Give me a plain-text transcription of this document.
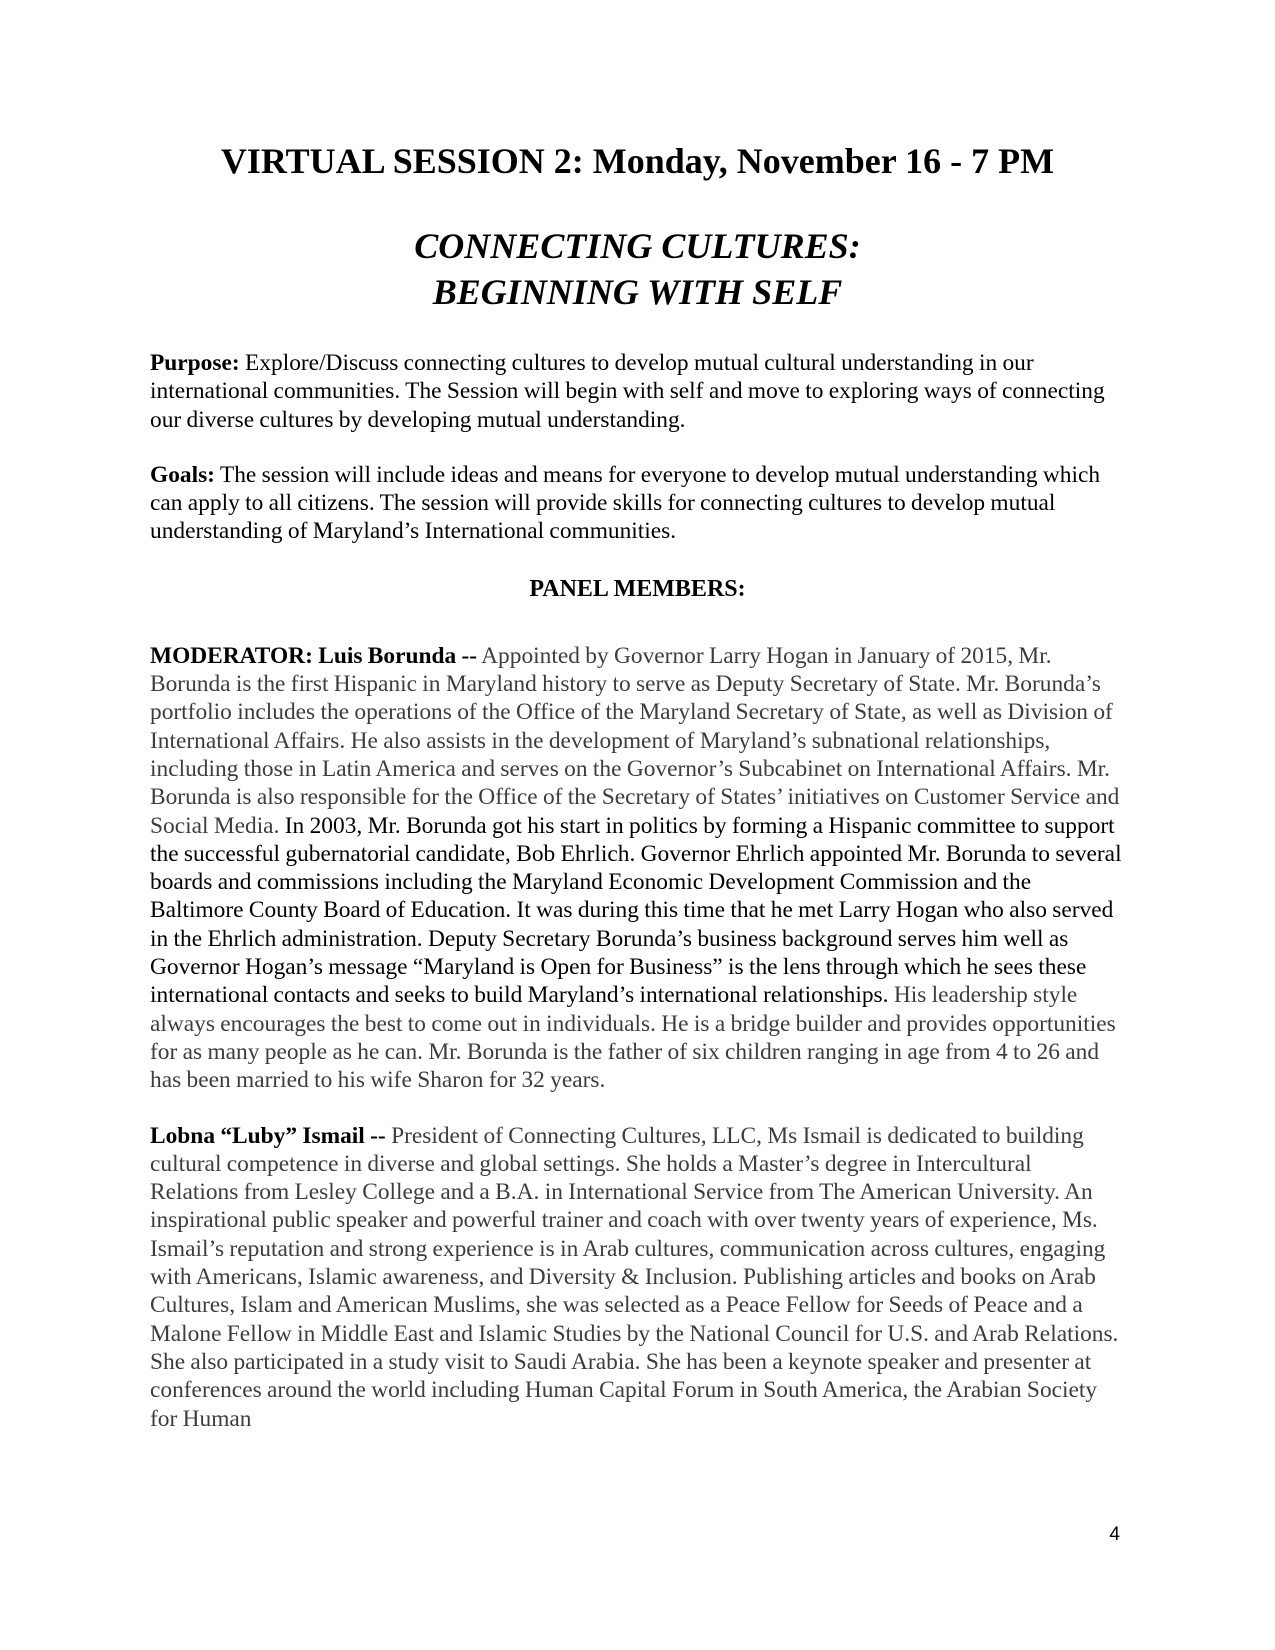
VIRTUAL SESSION 2: Monday, November 16 - 7 PM
CONNECTING CULTURES:
BEGINNING WITH SELF

Purpose: Explore/Discuss connecting cultures to develop mutual cultural understanding in our international communities. The Session will begin with self and move to exploring ways of connecting our diverse cultures by developing mutual understanding.

Goals: The session will include ideas and means for everyone to develop mutual understanding which can apply to all citizens. The session will provide skills for connecting cultures to develop mutual understanding of Maryland’s International communities.

PANEL MEMBERS:

MODERATOR: Luis Borunda -- Appointed by Governor Larry Hogan in January of 2015, Mr. Borunda is the first Hispanic in Maryland history to serve as Deputy Secretary of State. Mr. Borunda’s portfolio includes the operations of the Office of the Maryland Secretary of State, as well as Division of International Affairs. He also assists in the development of Maryland’s subnational relationships, including those in Latin America and serves on the Governor’s Subcabinet on International Affairs. Mr. Borunda is also responsible for the Office of the Secretary of States’ initiatives on Customer Service and Social Media. In 2003, Mr. Borunda got his start in politics by forming a Hispanic committee to support the successful gubernatorial candidate, Bob Ehrlich. Governor Ehrlich appointed Mr. Borunda to several boards and commissions including the Maryland Economic Development Commission and the Baltimore County Board of Education. It was during this time that he met Larry Hogan who also served in the Ehrlich administration. Deputy Secretary Borunda’s business background serves him well as Governor Hogan’s message “Maryland is Open for Business” is the lens through which he sees these international contacts and seeks to build Maryland’s international relationships. His leadership style always encourages the best to come out in individuals. He is a bridge builder and provides opportunities for as many people as he can. Mr. Borunda is the father of six children ranging in age from 4 to 26 and has been married to his wife Sharon for 32 years.

Lobna “Luby” Ismail -- President of Connecting Cultures, LLC, Ms Ismail is dedicated to building cultural competence in diverse and global settings. She holds a Master’s degree in Intercultural Relations from Lesley College and a B.A. in International Service from The American University. An inspirational public speaker and powerful trainer and coach with over twenty years of experience, Ms. Ismail’s reputation and strong experience is in Arab cultures, communication across cultures, engaging with Americans, Islamic awareness, and Diversity & Inclusion. Publishing articles and books on Arab Cultures, Islam and American Muslims, she was selected as a Peace Fellow for Seeds of Peace and a Malone Fellow in Middle East and Islamic Studies by the National Council for U.S. and Arab Relations. She also participated in a study visit to Saudi Arabia. She has been a keynote speaker and presenter at conferences around the world including Human Capital Forum in South America, the Arabian Society for Human

4
